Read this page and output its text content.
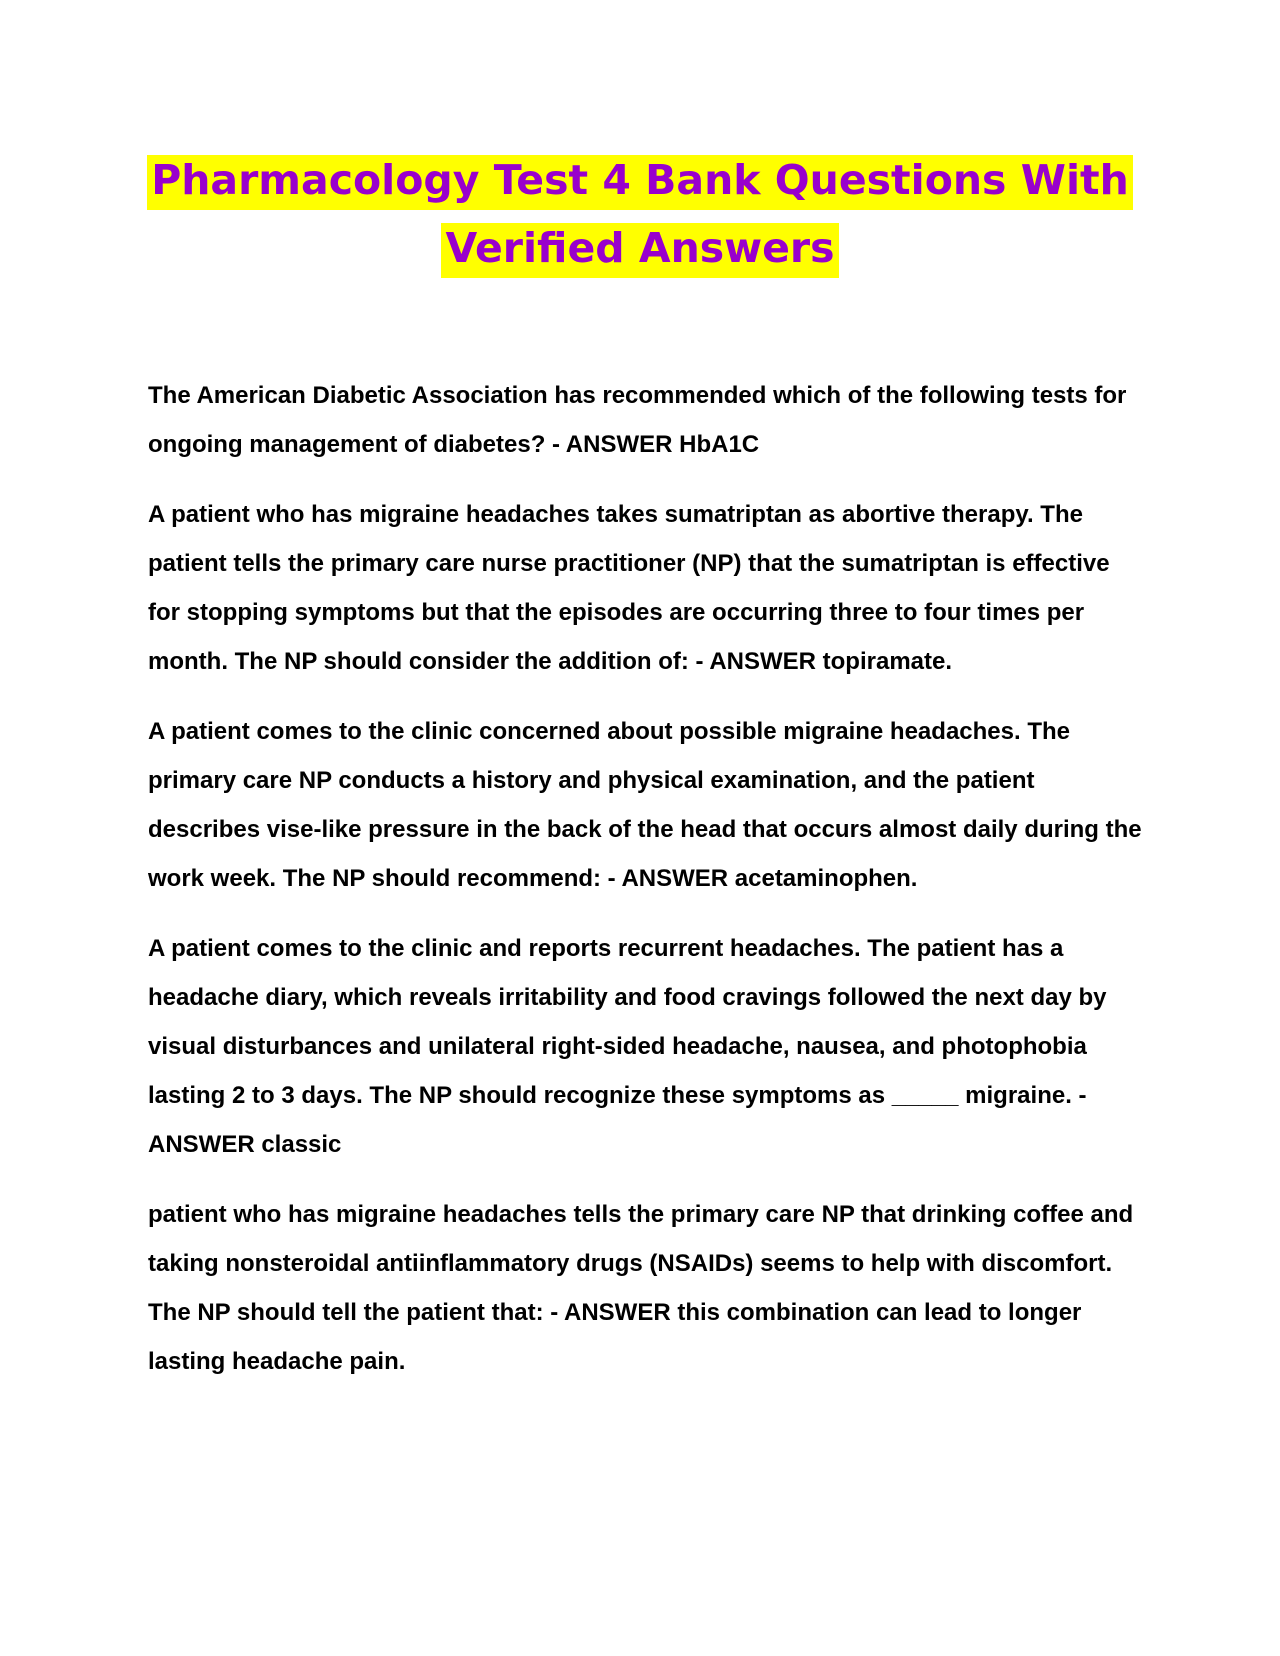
Pharmacology Test 4 Bank Questions With
Verified Answers

The American Diabetic Association has recommended which of the following tests for ongoing management of diabetes? - ANSWER HbA1C

A patient who has migraine headaches takes sumatriptan as abortive therapy. The patient tells the primary care nurse practitioner (NP) that the sumatriptan is effective for stopping symptoms but that the episodes are occurring three to four times per month. The NP should consider the addition of: - ANSWER topiramate.

A patient comes to the clinic concerned about possible migraine headaches. The primary care NP conducts a history and physical examination, and the patient describes vise-like pressure in the back of the head that occurs almost daily during the work week. The NP should recommend: - ANSWER acetaminophen.

A patient comes to the clinic and reports recurrent headaches. The patient has a headache diary, which reveals irritability and food cravings followed the next day by visual disturbances and unilateral right-sided headache, nausea, and photophobia lasting 2 to 3 days. The NP should recognize these symptoms as _____ migraine. - ANSWER classic

patient who has migraine headaches tells the primary care NP that drinking coffee and taking nonsteroidal antiinflammatory drugs (NSAIDs) seems to help with discomfort. The NP should tell the patient that: - ANSWER this combination can lead to longer lasting headache pain.
